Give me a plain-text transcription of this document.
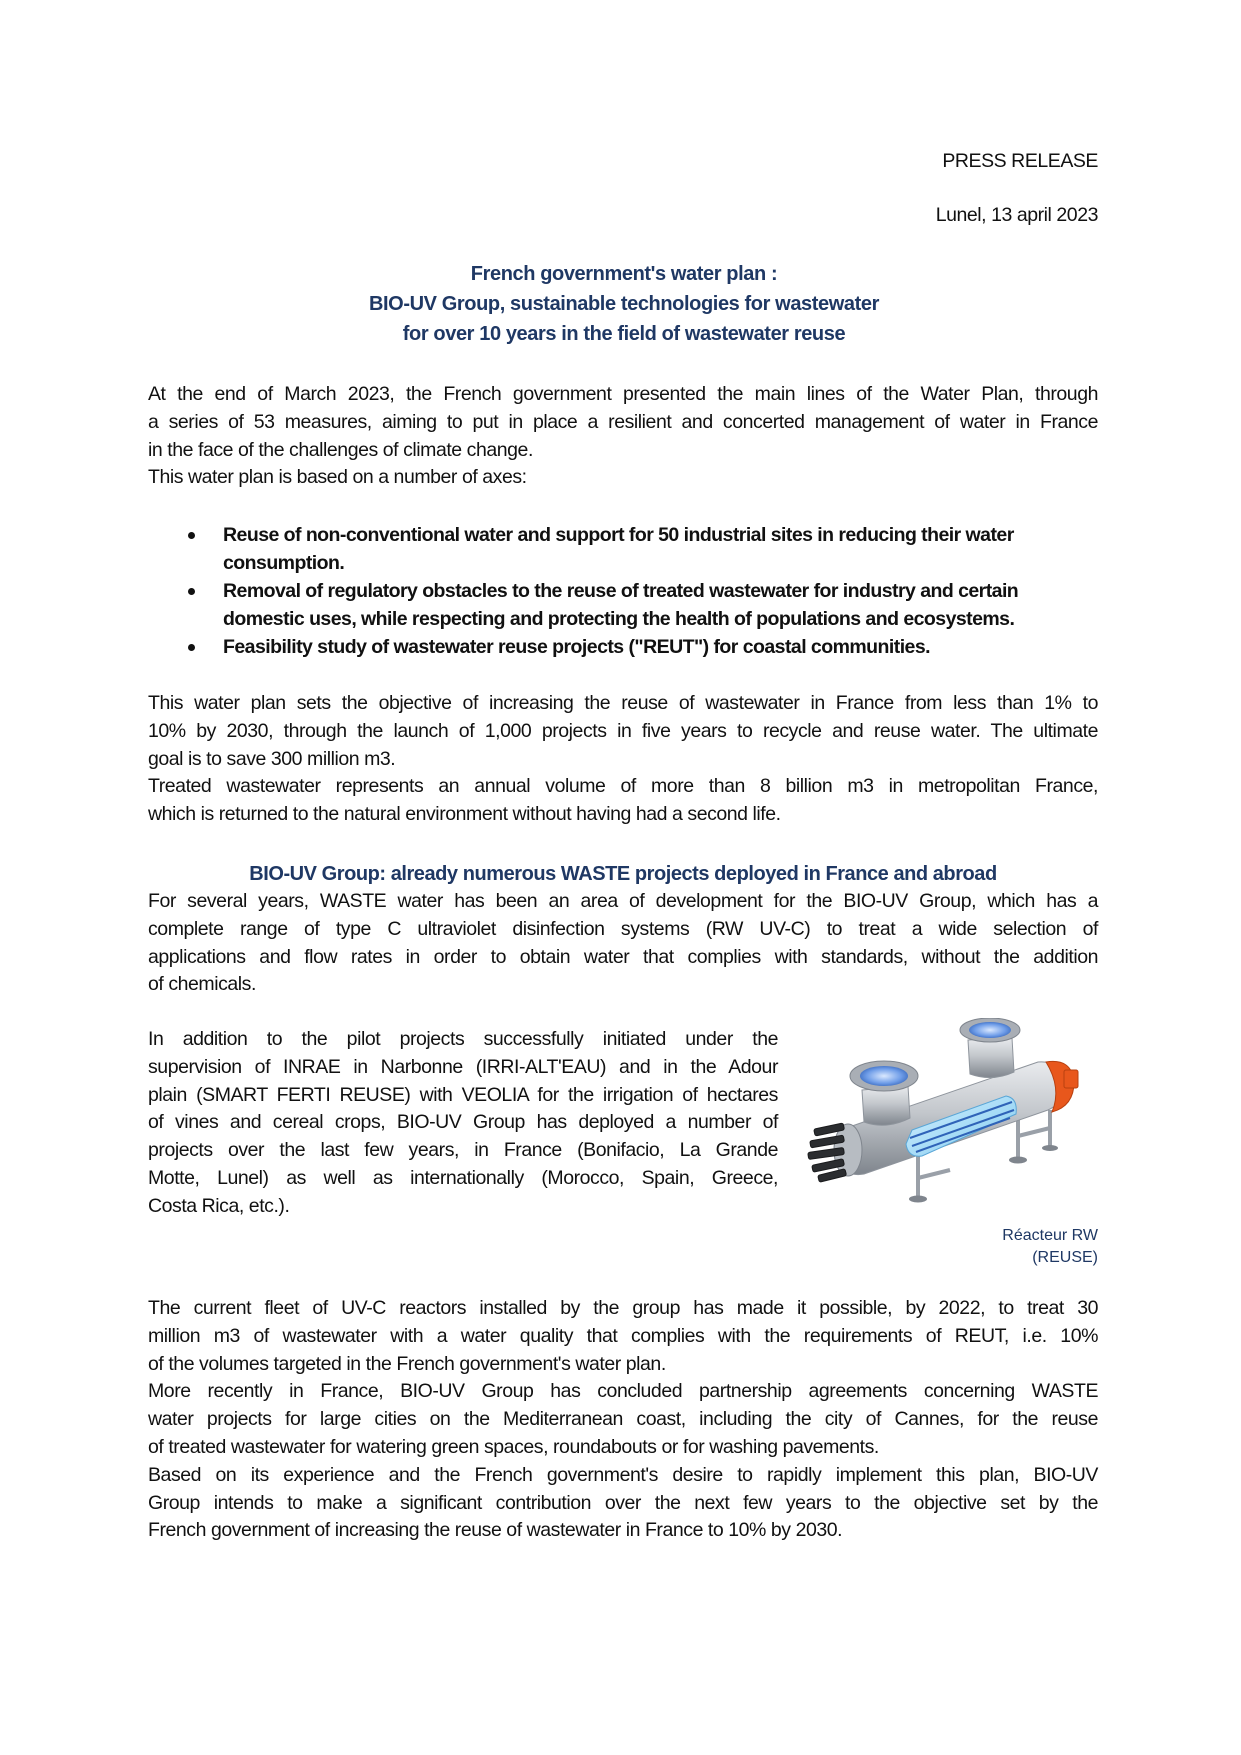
PRESS RELEASE
Lunel, 13 april 2023
French government's water plan :
BIO-UV Group, sustainable technologies for wastewater
for over 10 years in the field of wastewater reuse
At the end of March 2023, the French government presented the main lines of the Water Plan, through
a series of 53 measures, aiming to put in place a resilient and concerted management of water in France
in the face of the challenges of climate change.
This water plan is based on a number of axes:
Reuse of non-conventional water and support for 50 industrial sites in reducing their water consumption.
Removal of regulatory obstacles to the reuse of treated wastewater for industry and certain domestic uses, while respecting and protecting the health of populations and ecosystems.
Feasibility study of wastewater reuse projects ("REUT") for coastal communities.
This water plan sets the objective of increasing the reuse of wastewater in France from less than 1% to
10% by 2030, through the launch of 1,000 projects in five years to recycle and reuse water. The ultimate
goal is to save 300 million m3.
Treated wastewater represents an annual volume of more than 8 billion m3 in metropolitan France,
which is returned to the natural environment without having had a second life.
BIO-UV Group: already numerous WASTE projects deployed in France and abroad
For several years, WASTE water has been an area of development for the BIO-UV Group, which has a
complete range of type C ultraviolet disinfection systems (RW UV-C) to treat a wide selection of
applications and flow rates in order to obtain water that complies with standards, without the addition
of chemicals.
In addition to the pilot projects successfully initiated under the
supervision of INRAE in Narbonne (IRRI-ALT'EAU) and in the Adour
plain (SMART FERTI REUSE) with VEOLIA for the irrigation of hectares
of vines and cereal crops, BIO-UV Group has deployed a number of
projects over the last few years, in France (Bonifacio, La Grande
Motte, Lunel) as well as internationally (Morocco, Spain, Greece,
Costa Rica, etc.).
Réacteur RW
(REUSE)
The current fleet of UV-C reactors installed by the group has made it possible, by 2022, to treat 30
million m3 of wastewater with a water quality that complies with the requirements of REUT, i.e. 10%
of the volumes targeted in the French government's water plan.
More recently in France, BIO-UV Group has concluded partnership agreements concerning WASTE
water projects for large cities on the Mediterranean coast, including the city of Cannes, for the reuse
of treated wastewater for watering green spaces, roundabouts or for washing pavements.
Based on its experience and the French government's desire to rapidly implement this plan, BIO-UV
Group intends to make a significant contribution over the next few years to the objective set by the
French government of increasing the reuse of wastewater in France to 10% by 2030.
